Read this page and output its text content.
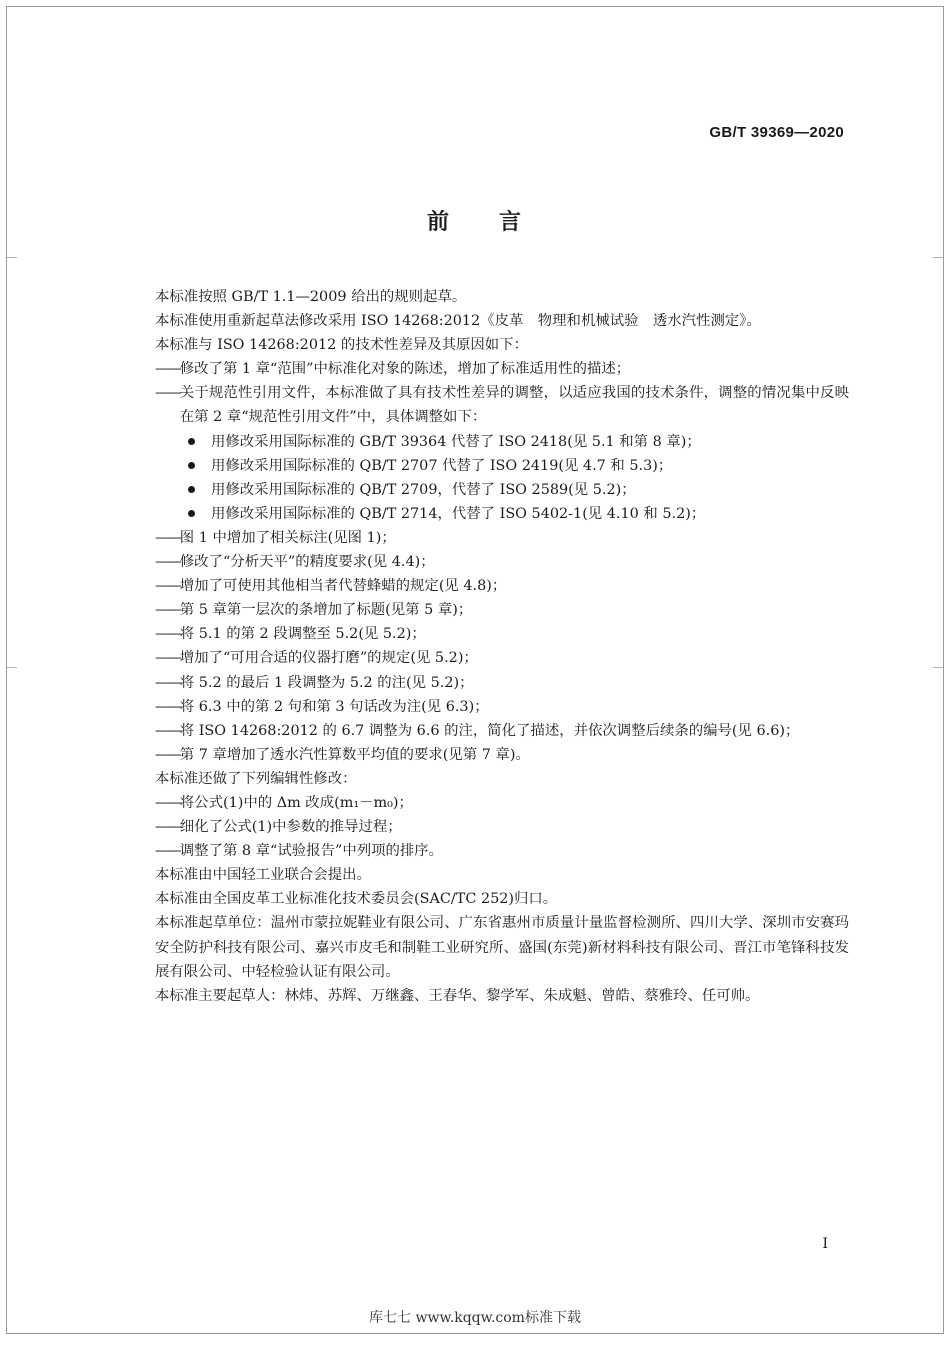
GB/T 39369—2020
前 言
本标准按照 GB/T 1.1—2009 给出的规则起草。
本标准使用重新起草法修改采用 ISO 14268:2012《皮革　物理和机械试验　透水汽性测定》。
本标准与 ISO 14268:2012 的技术性差异及其原因如下：
——修改了第 1 章“范围”中标准化对象的陈述，增加了标准适用性的描述；
—— 关于规范性引用文件，本标准做了具有技术性差异的调整，以适应我国的技术条件，调整的情况集中反映在第 2 章“规范性引用文件”中，具体调整如下：
用修改采用国际标准的 GB/T 39364 代替了 ISO 2418(见 5.1 和第 8 章)；
用修改采用国际标准的 QB/T 2707 代替了 ISO 2419(见 4.7 和 5.3)；
用修改采用国际标准的 QB/T 2709，代替了 ISO 2589(见 5.2)；
用修改采用国际标准的 QB/T 2714，代替了 ISO 5402-1(见 4.10 和 5.2)；
——图 1 中增加了相关标注(见图 1)；
——修改了“分析天平”的精度要求(见 4.4)；
——增加了可使用其他相当者代替蜂蜡的规定(见 4.8)；
——第 5 章第一层次的条增加了标题(见第 5 章)；
——将 5.1 的第 2 段调整至 5.2(见 5.2)；
——增加了“可用合适的仪器打磨”的规定(见 5.2)；
——将 5.2 的最后 1 段调整为 5.2 的注(见 5.2)；
——将 6.3 中的第 2 句和第 3 句话改为注(见 6.3)；
——将 ISO 14268:2012 的 6.7 调整为 6.6 的注，简化了描述，并依次调整后续条的编号(见 6.6)；
——第 7 章增加了透水汽性算数平均值的要求(见第 7 章)。
本标准还做了下列编辑性修改：
——将公式(1)中的 Δm 改成(m₁－m₀)；
——细化了公式(1)中参数的推导过程；
——调整了第 8 章“试验报告”中列项的排序。
本标准由中国轻工业联合会提出。
本标准由全国皮革工业标准化技术委员会(SAC/TC 252)归口。
本标准起草单位：温州市蒙拉妮鞋业有限公司、广东省惠州市质量计量监督检测所、四川大学、深圳市安赛玛安全防护科技有限公司、嘉兴市皮毛和制鞋工业研究所、盛国(东莞)新材料科技有限公司、晋江市笔锋科技发展有限公司、中轻检验认证有限公司。
本标准主要起草人：林炜、苏辉、万继鑫、王春华、黎学军、朱成魁、曾皓、蔡雅玲、任可帅。
I
库七七 www.kqqw.com标准下载
